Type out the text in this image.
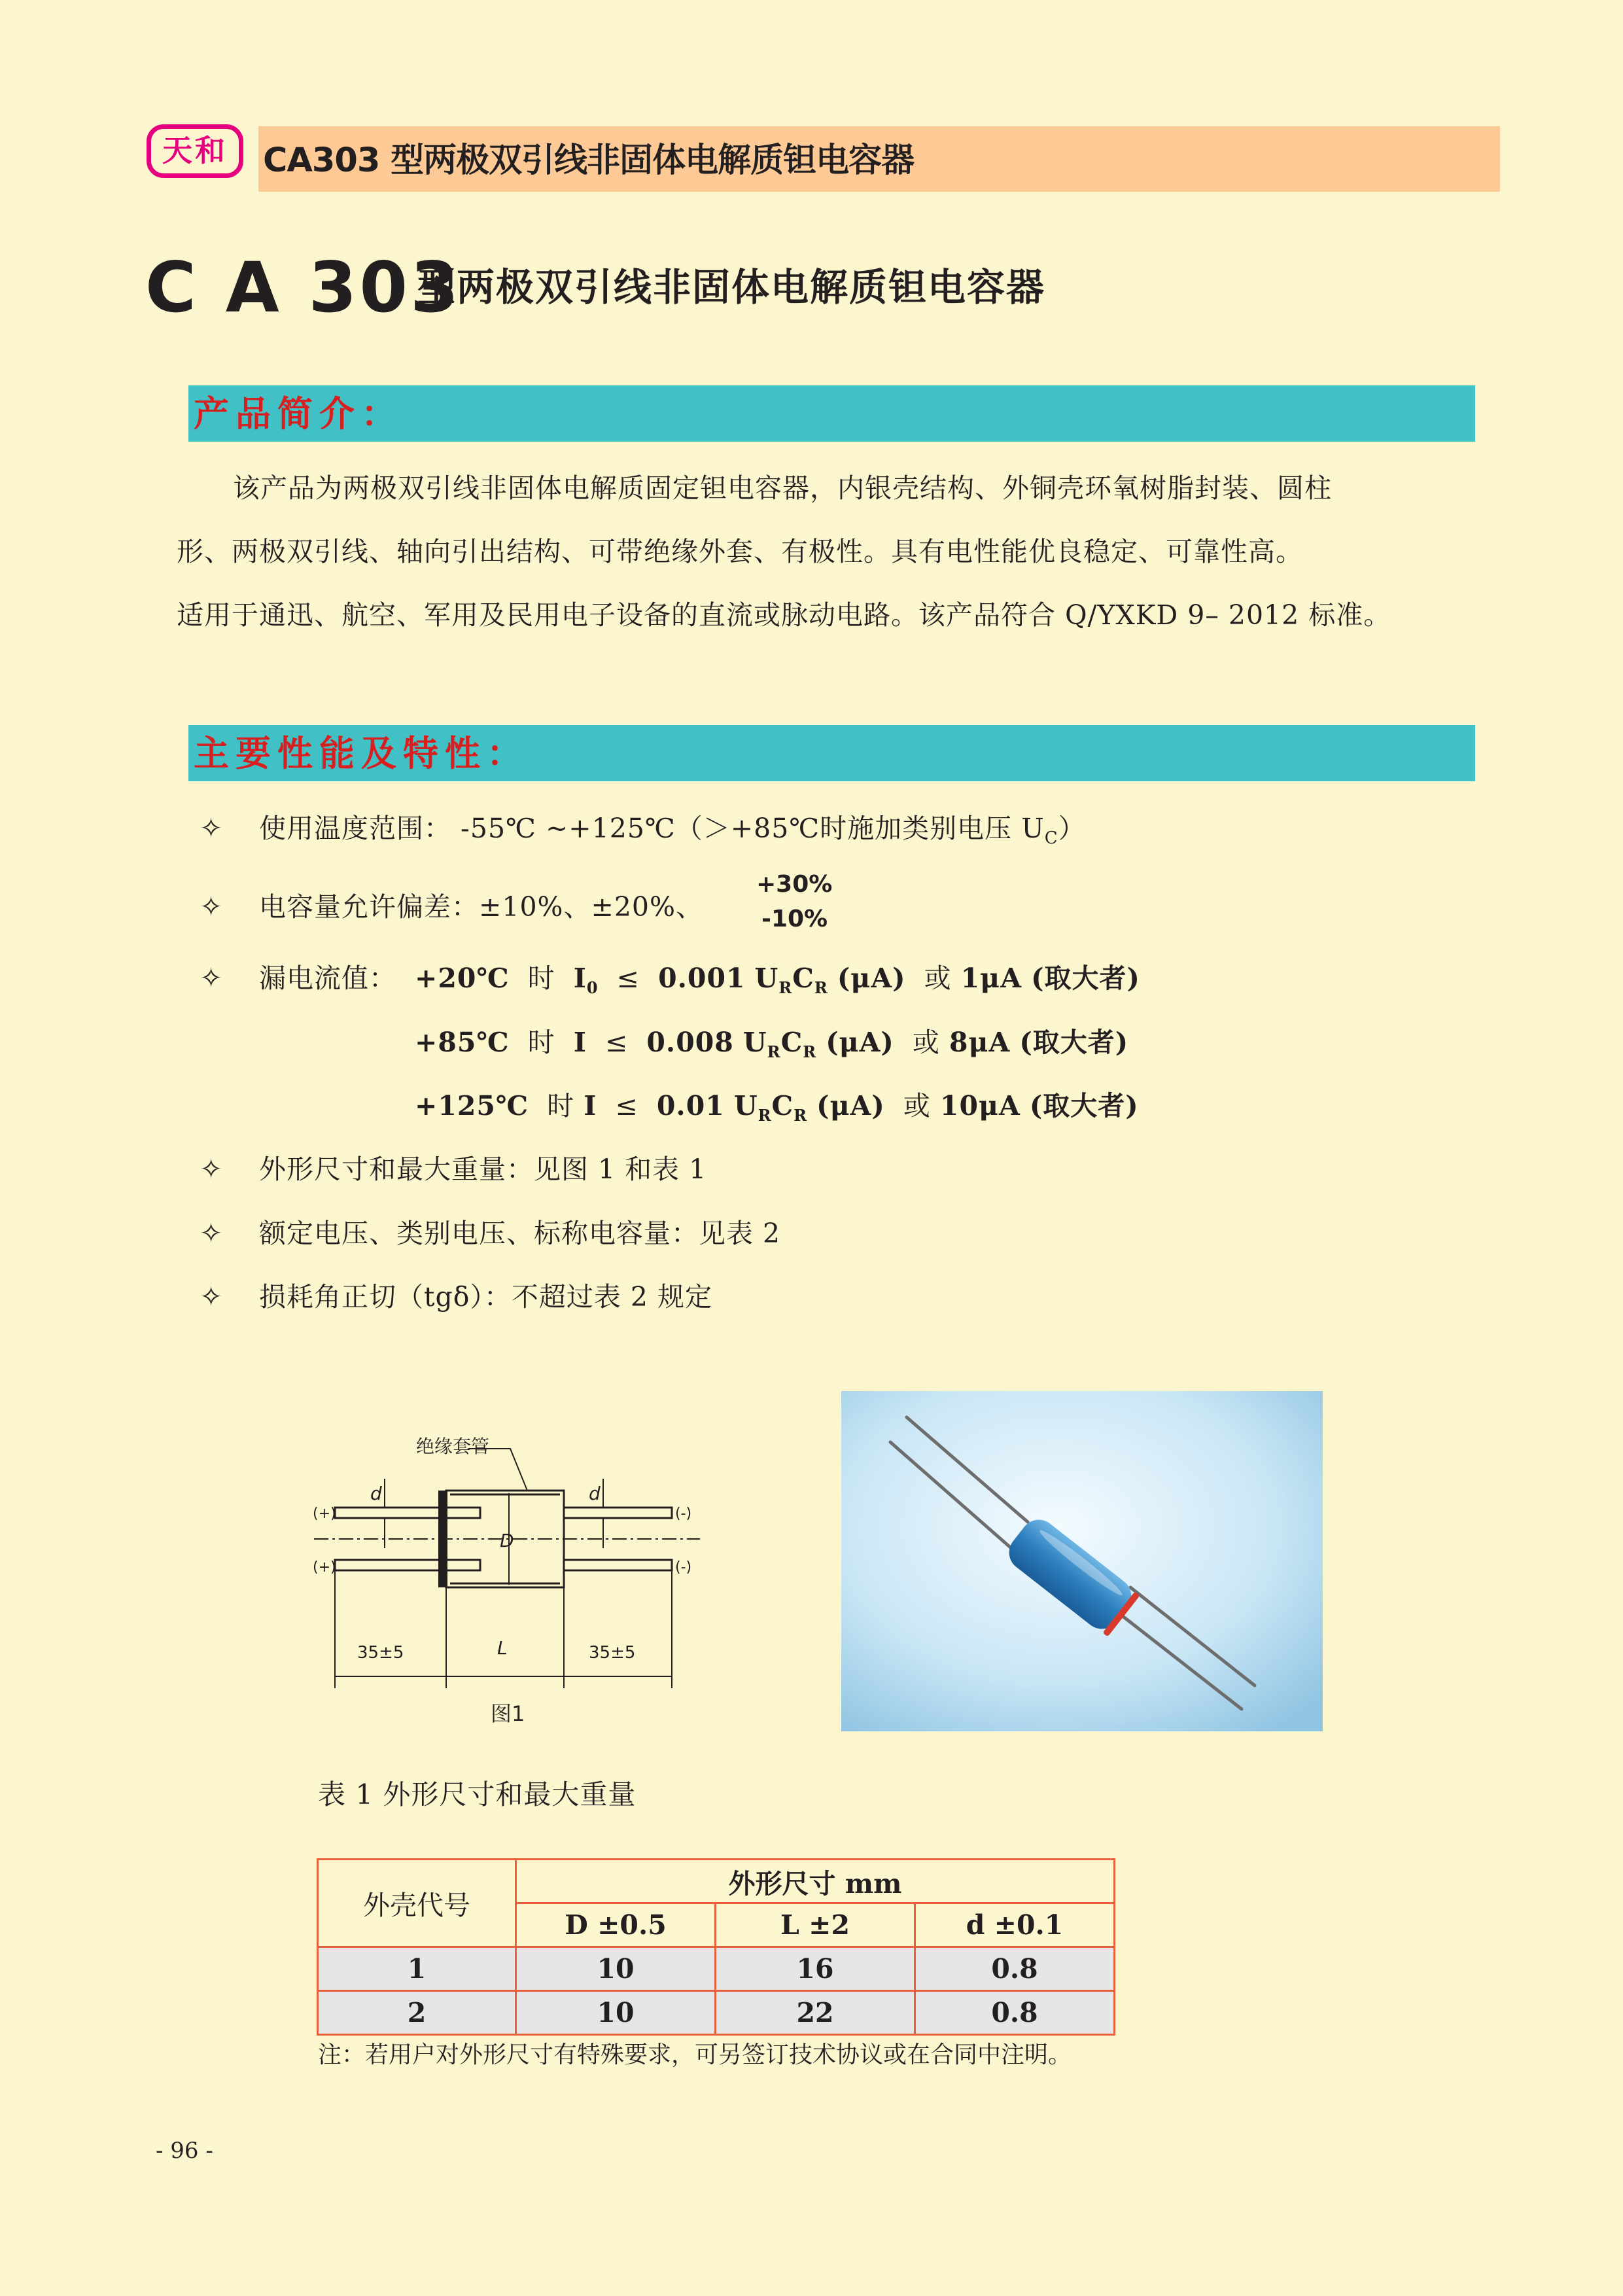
天和	CA303 型两极双引线非固体电解质钽电容器
C A 303
型两极双引线非固体电解质钽电容器
产品简介：
该产品为两极双引线非固体电解质固定钽电容器，内银壳结构、外铜壳环氧树脂封装、圆柱
形、两极双引线、轴向引出结构、可带绝缘外套、有极性。具有电性能优良稳定、可靠性高。
适用于通迅、航空、军用及民用电子设备的直流或脉动电路。该产品符合 Q/YXKD 9– 2012 标准。
主要性能及特性：
✧ 使用温度范围： -55℃ ~+125℃（＞+85℃时施加类别电压 $U_C$）
✧ 电容量允许偏差：±10%、±20%、
+30%
-10%
✧ 漏电流值： +20℃ 时 $I_0 \le 0.001$ $U_RC_R$ (μA) 或 1μA (取大者)
+85℃ 时 I ≤ 0.008 $U_RC_R$ (μA) 或 8μA (取大者)
+125℃ 时 I ≤ 0.01 $U_RC_R$ (μA) 或 10μA (取大者)
✧ 外形尺寸和最大重量：见图 1 和表 1
✧ 额定电压、类别电压、标称电容量：见表 2
✧ 损耗角正切（tgδ）：不超过表 2 规定
绝缘套管
(+)
(+)
(-)
(-)
d	d
D
L
35±5	35±5
图1
表 1 外形尺寸和最大重量
外壳代号	外形尺寸 mm		
	D ±0.5	L ±2	d ±0.1
1	10	16	0.8
2	10	22	0.8
注：若用户对外形尺寸有特殊要求，可另签订技术协议或在合同中注明。
- 96 -
